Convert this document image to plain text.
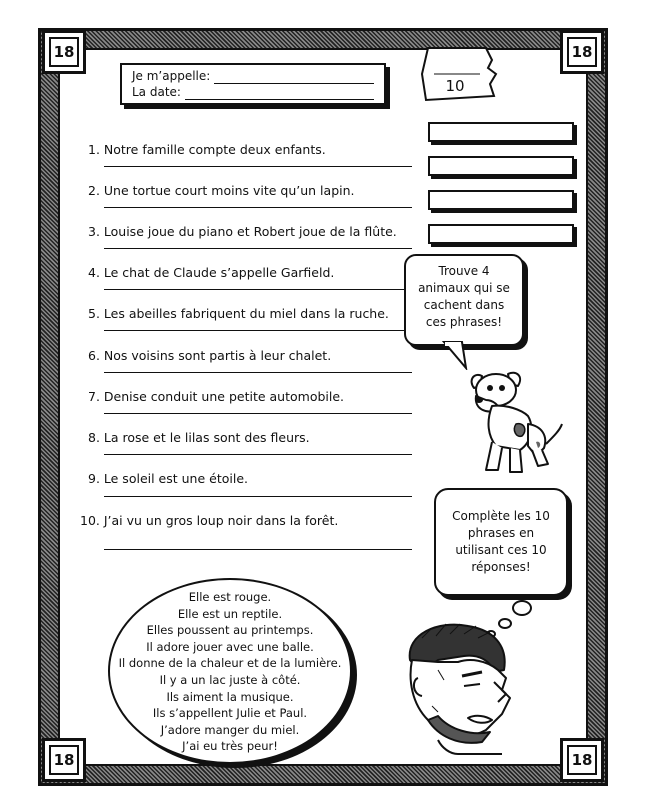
18	18
18	18
Je m’appelle:
La date:	10
1. Notre famille compte deux enfants.
2. Une tortue court moins vite qu’un lapin.
3. Louise joue du piano et Robert joue de la flûte.
4. Le chat de Claude s’appelle Garfield.
5. Les abeilles fabriquent du miel dans la ruche.
6. Nos voisins sont partis à leur chalet.
7. Denise conduit une petite automobile.
8. La rose et le lilas sont des fleurs.
9. Le soleil est une étoile.
10. J’ai vu un gros loup noir dans la forêt.
Trouve 4
animaux qui se
cachent dans
ces phrases!
Complète les 10
phrases en
utilisant ces 10
réponses!
Elle est rouge.
Elle est un reptile.
Elles poussent au printemps.
Il adore jouer avec une balle.
Il donne de la chaleur et de la lumière.
Il y a un lac juste à côté.
Ils aiment la musique.
Ils s’appellent Julie et Paul.
J’adore manger du miel.
J’ai eu très peur!
